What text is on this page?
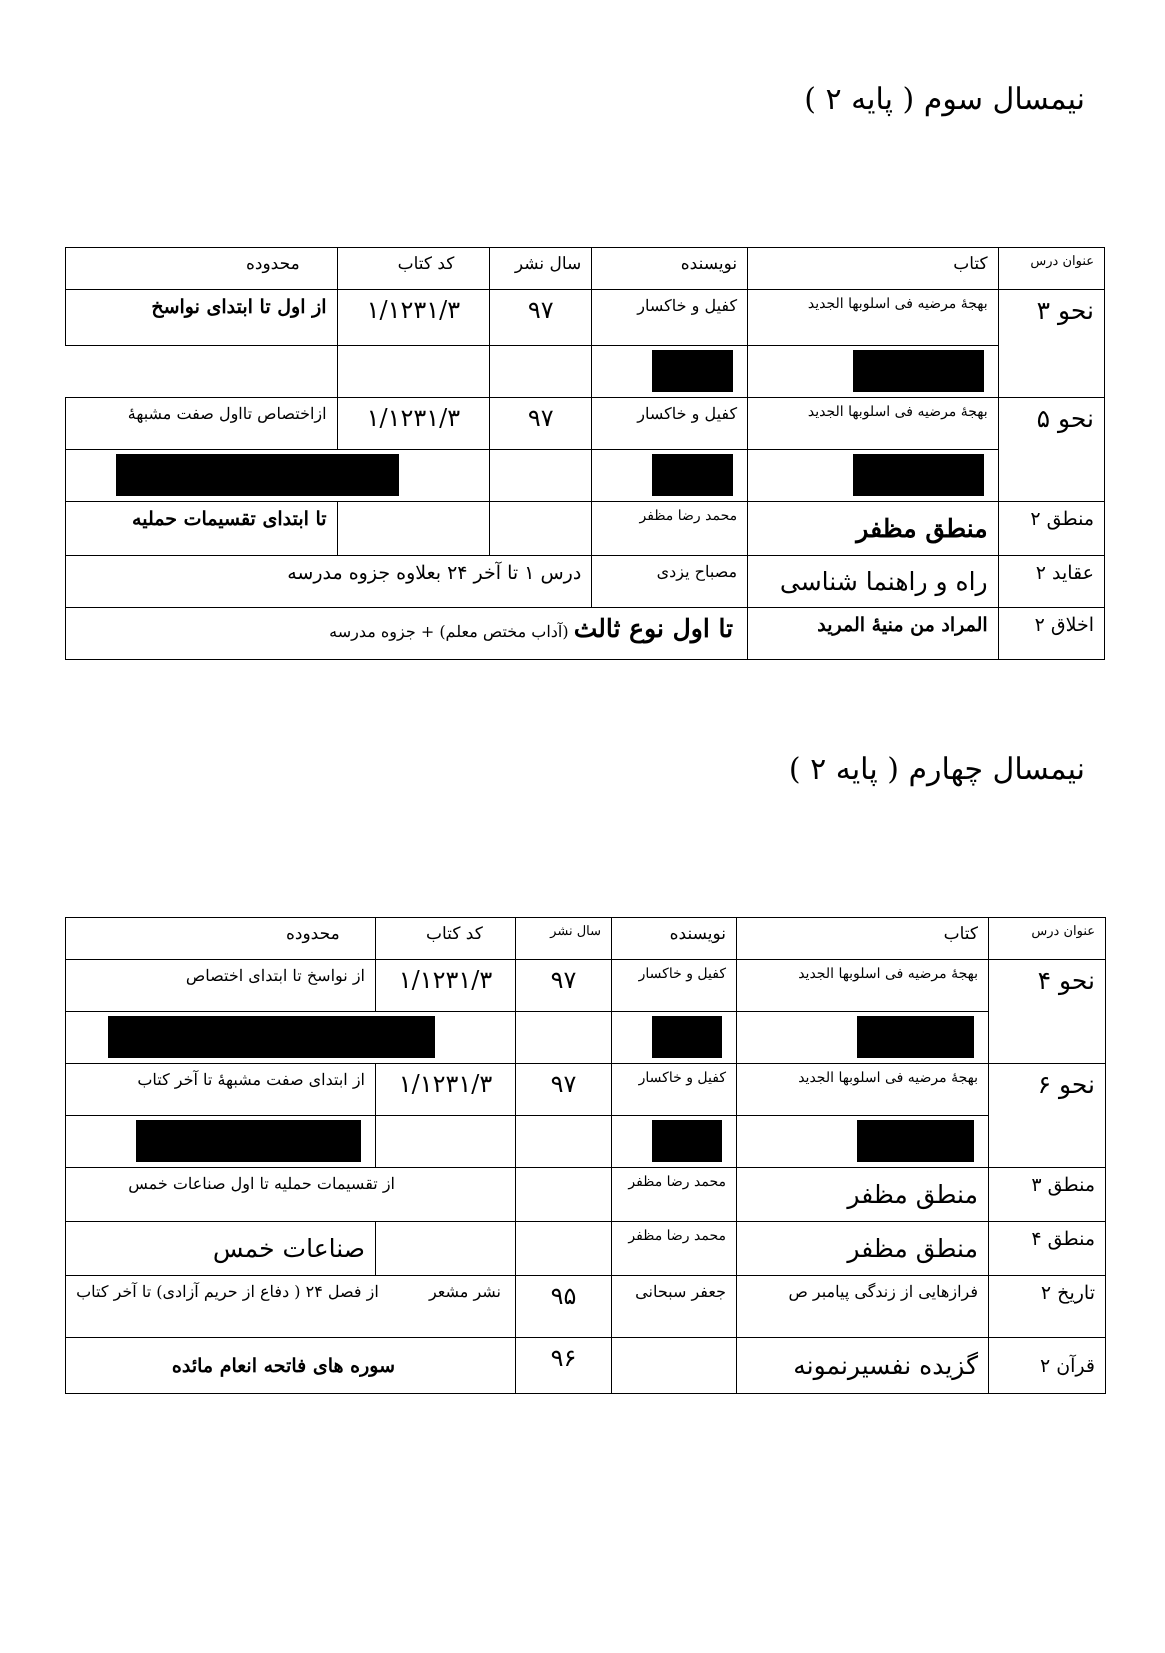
نیمسال سوم ( پایه ۲ )
محدوده	کد کتاب	سال نشر	نویسنده	کتاب	عنوان درس
از اول تا ابتدای نواسخ	۱/۱۲۳۱/۳	۹۷	کفیل و خاکسار	بهجۀ مرضیه فی اسلوبها الجدید	نحو ۳

ازاختصاص تااول صفت مشبهۀ	۱/۱۲۳۱/۳	۹۷	کفیل و خاکسار	بهجۀ مرضیه فی اسلوبها الجدید	نحو ۵

تا ابتدای تقسیمات حملیه			محمد رضا مظفر	منطق مظفر	منطق ۲
درس ۱ تا آخر ۲۴ بعلاوه جزوه مدرسه			مصباح یزدی	راه و راهنما شناسی	عقاید ۲
تا اول نوع ثالث (آداب مختص معلم) + جزوه مدرسه				المراد من منیۀ المرید	اخلاق ۲
نیمسال چهارم ( پایه ۲ )
محدوده	کد کتاب	سال نشر	نویسنده	کتاب	عنوان درس
از نواسخ تا ابتدای اختصاص	۱/۱۲۳۱/۳	۹۷	کفیل و خاکسار	بهجۀ مرضیه فی اسلوبها الجدید	نحو ۴

از ابتدای صفت مشبهۀ تا آخر کتاب	۱/۱۲۳۱/۳	۹۷	کفیل و خاکسار	بهجۀ مرضیه فی اسلوبها الجدید	نحو ۶

از تقسیمات حملیه تا اول صناعات خمس			محمد رضا مظفر	منطق مظفر	منطق ۳
صناعات خمس			محمد رضا مظفر	منطق مظفر	منطق ۴
نشر مشعر  از فصل ۲۴ ( دفاع از حریم آزادی) تا آخر کتاب		۹۵	جعفر سبحانی	فرازهایی از زندگی پیامبر ص	تاریخ ۲
سوره های فاتحه انعام مائده		۹۶		گزیده نفسیرنمونه	قرآن ۲
